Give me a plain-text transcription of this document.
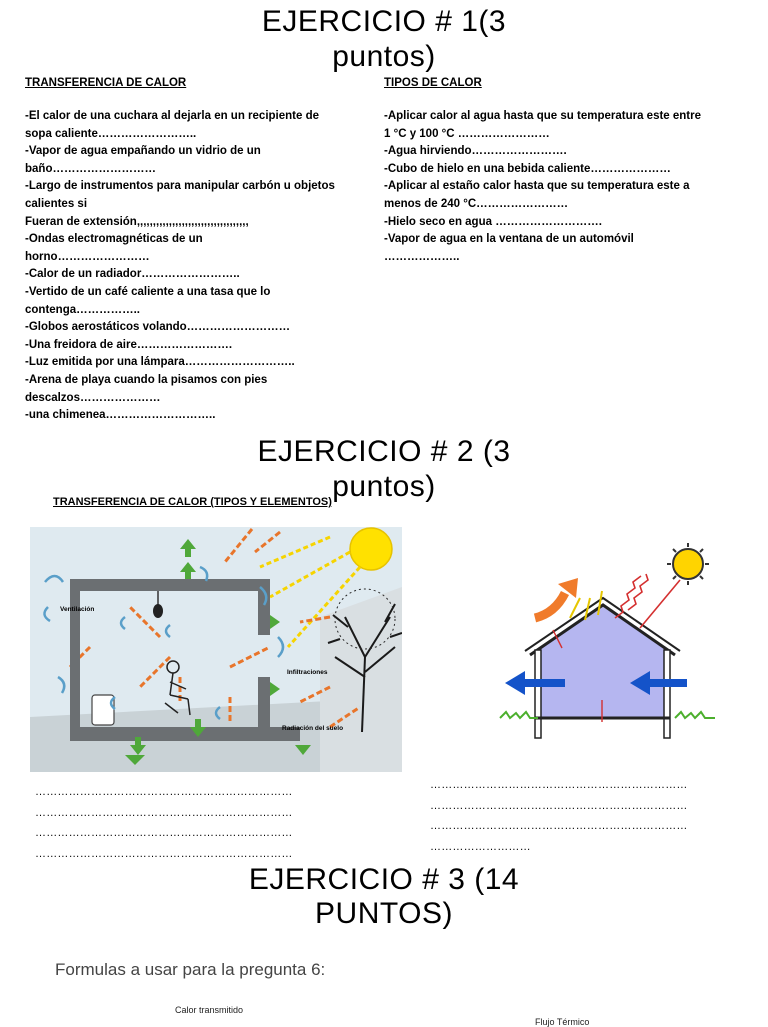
EJERCICIO # 1(3
puntos)
TRANSFERENCIA DE CALOR	TIPOS DE CALOR
-El calor de una cuchara al dejarla en un recipiente de
sopa caliente……………………..
-Vapor de agua empañando un vidrio de un
baño………………………
-Largo de instrumentos para manipular carbón u objetos
calientes si
Fueran de extensión,,,,,,,,,,,,,,,,,,,,,,,,,,,,,,,,,,,
-Ondas electromagnéticas de un
horno……………………
-Calor de un radiador……………………..
-Vertido de un café caliente a una tasa que lo
contenga……………..
-Globos aerostáticos volando………………………
-Una freidora de aire…………………….
-Luz emitida por una lámpara………………………..
-Arena de playa cuando la pisamos con pies
descalzos…………………
-una chimenea………………………..
-Aplicar calor al agua hasta que su temperatura este entre
1 °C y 100 °C ……………………
-Agua hirviendo…………………….
-Cubo de hielo en una bebida caliente…………………
-Aplicar al estaño calor hasta que su temperatura este a
menos de 240 °C……………………
-Hielo seco en agua ……………………….
-Vapor de agua en la ventana de un automóvil
………………..
EJERCICIO # 2 (3
puntos)
TRANSFERENCIA DE CALOR (TIPOS Y ELEMENTOS)
Ventilación
Infiltraciones
Radiación del suelo
……………………………………………………………
……………………………………………………………
……………………………………………………………
……………………………………………………………
……………………………………………………………
……………………………………………………………
……………………………………………………………
………………………
EJERCICIO # 3 (14
PUNTOS)
Formulas a usar para la pregunta 6:
Calor transmitido
Flujo Térmico
